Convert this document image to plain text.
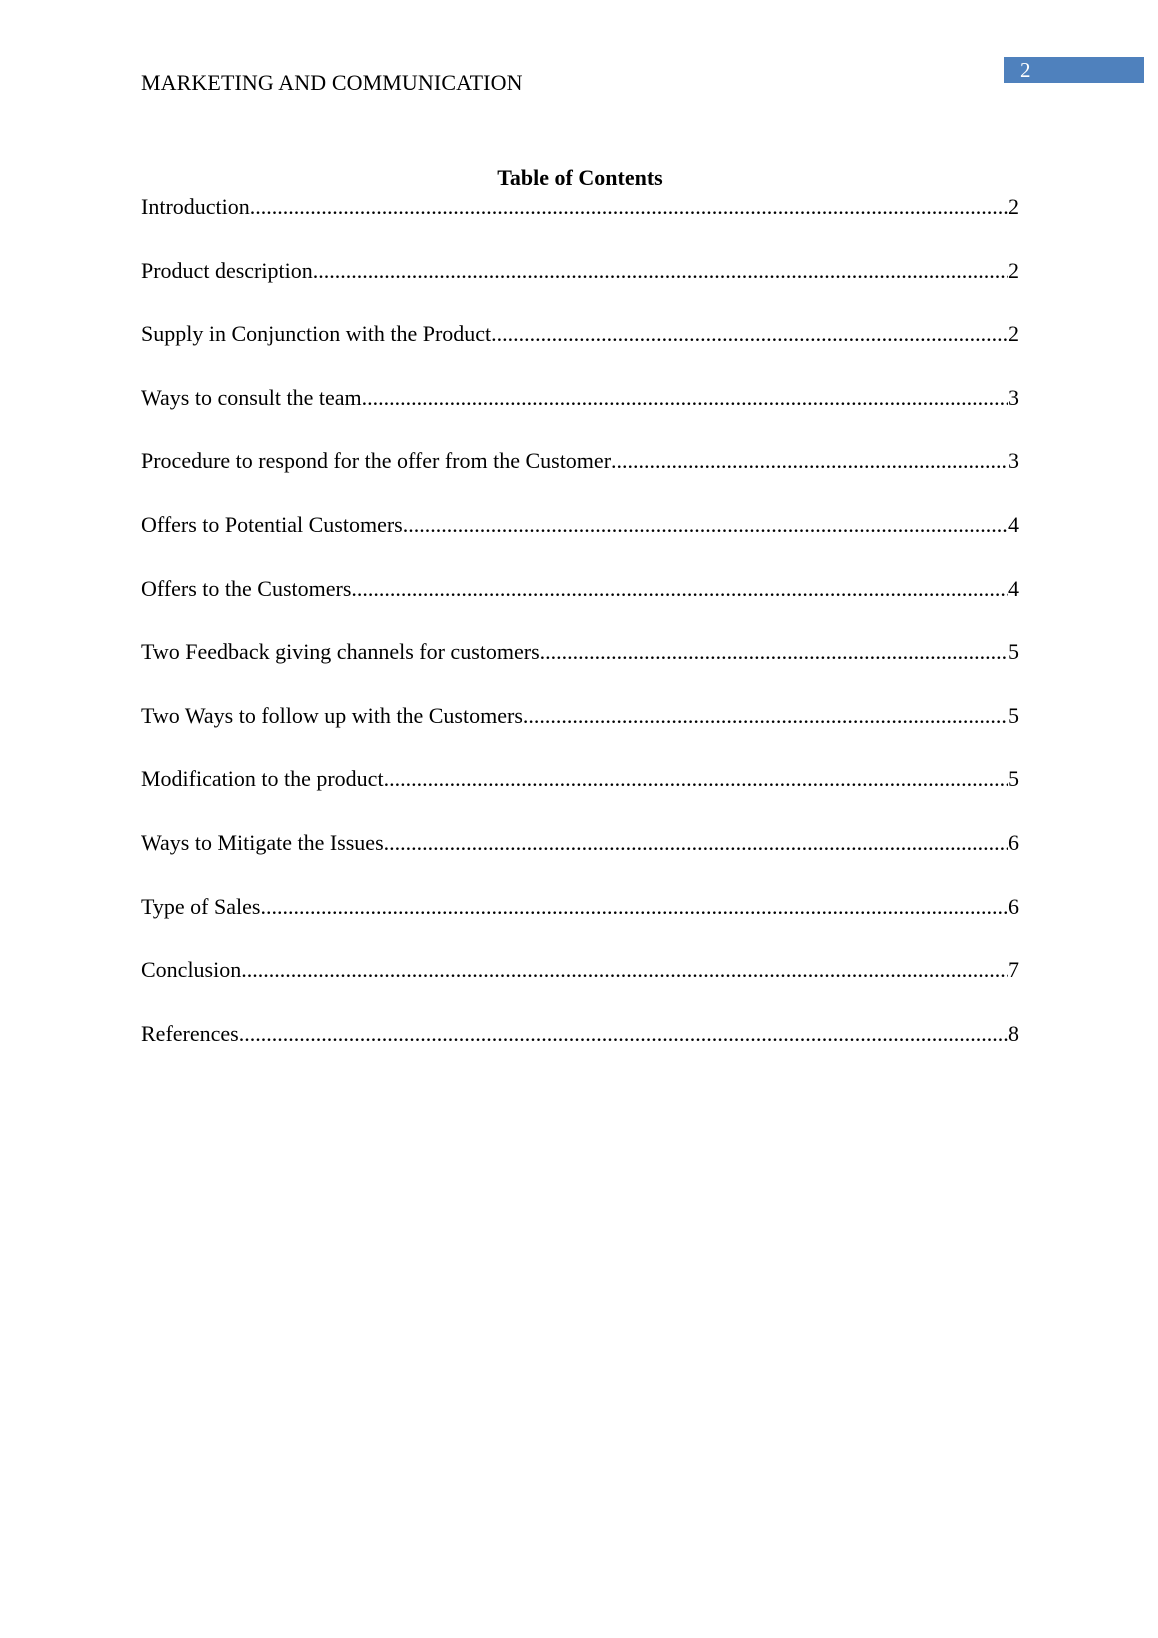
MARKETING AND COMMUNICATION	2
Table of Contents
Introduction .....	2
Product description .....	2
Supply in Conjunction with the Product .....	2
Ways to consult the team .....	3
Procedure to respond for the offer from the Customer .....	3
Offers to Potential Customers .....	4
Offers to the Customers .....	4
Two Feedback giving channels for customers .....	5
Two Ways to follow up with the Customers .....	5
Modification to the product .....	5
Ways to Mitigate the Issues .....	6
Type of Sales .....	6
Conclusion .....	7
References .....	8
